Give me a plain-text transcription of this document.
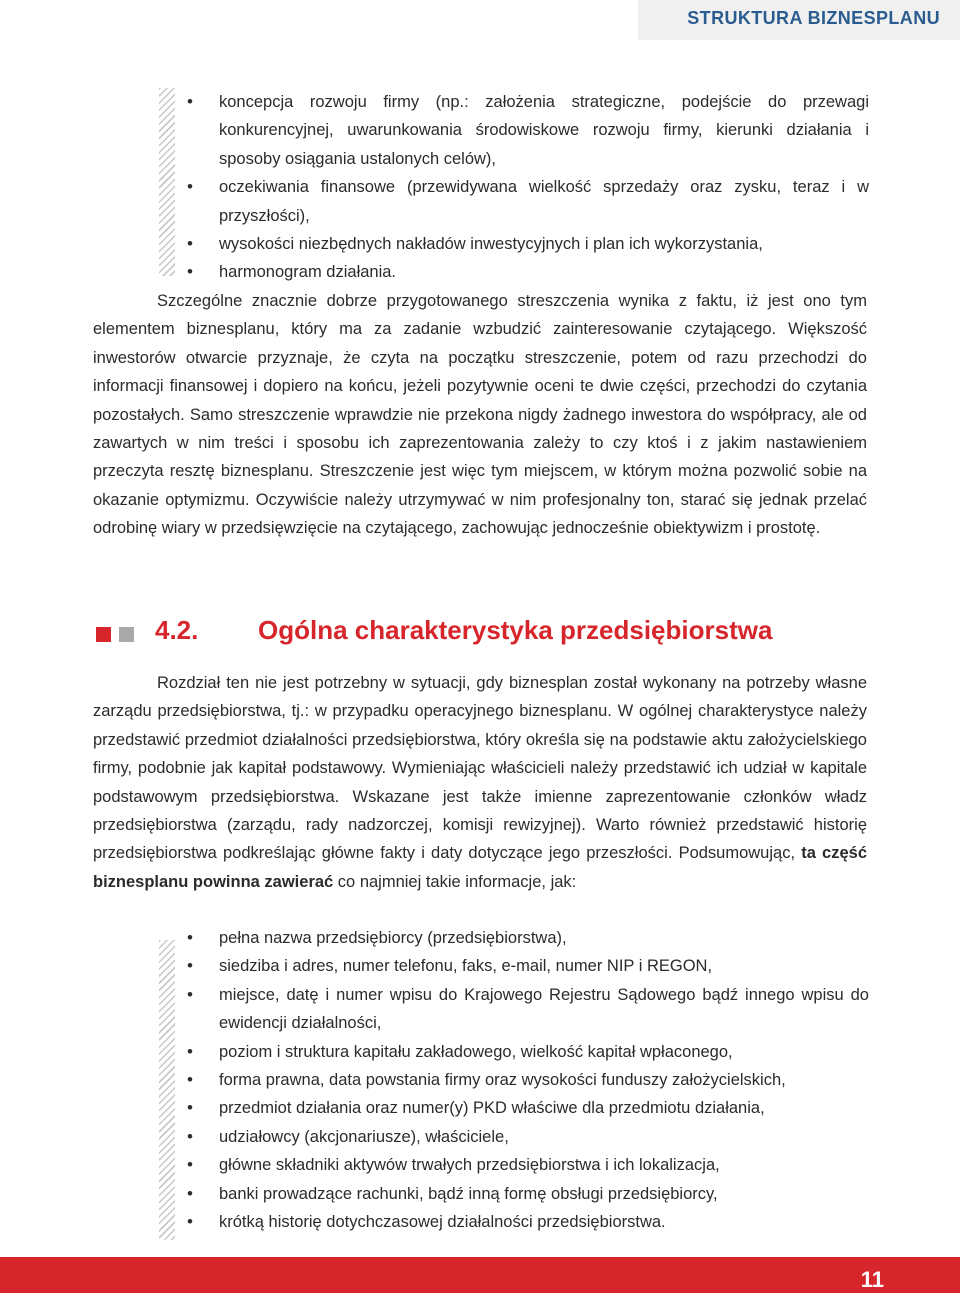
STRUKTURA BIZNESPLANU
• koncepcja rozwoju firmy (np.: założenia strategiczne, podejście do przewagi konkurencyjnej, uwarunkowania środowiskowe rozwoju firmy, kierunki działania i sposoby osiągania ustalonych celów),
• oczekiwania finansowe (przewidywana wielkość sprzedaży oraz zysku, teraz i w przyszłości),
• wysokości niezbędnych nakładów inwestycyjnych i plan ich wykorzystania,
• harmonogram działania.

Szczególne znacznie dobrze przygotowanego streszczenia wynika z faktu, iż jest ono tym elementem biznesplanu, który ma za zadanie wzbudzić zainteresowanie czytającego. Większość inwestorów otwarcie przyznaje, że czyta na początku streszczenie, potem od razu przechodzi do informacji finansowej i dopiero na końcu, jeżeli pozytywnie oceni te dwie części, przechodzi do czytania pozostałych. Samo streszczenie wprawdzie nie przekona nigdy żadnego inwestora do współpracy, ale od zawartych w nim treści i sposobu ich zaprezentowania zależy to czy ktoś i z jakim nastawieniem przeczyta resztę biznesplanu. Streszczenie jest więc tym miejscem, w którym można pozwolić sobie na okazanie optymizmu. Oczywiście należy utrzymywać w nim profesjonalny ton, starać się jednak przelać odrobinę wiary w przedsięwzięcie na czytającego, zachowując jednocześnie obiektywizm i prostotę.

4.2. Ogólna charakterystyka przedsiębiorstwa

Rozdział ten nie jest potrzebny w sytuacji, gdy biznesplan został wykonany na potrzeby własne zarządu przedsiębiorstwa, tj.: w przypadku operacyjnego biznesplanu. W ogólnej charakterystyce należy przedstawić przedmiot działalności przedsiębiorstwa, który określa się na podstawie aktu założycielskiego firmy, podobnie jak kapitał podstawowy. Wymieniając właścicieli należy przedstawić ich udział w kapitale podstawowym przedsiębiorstwa. Wskazane jest także imienne zaprezentowanie członków władz przedsiębiorstwa (zarządu, rady nadzorczej, komisji rewizyjnej). Warto również przedstawić historię przedsiębiorstwa podkreślając główne fakty i daty dotyczące jego przeszłości. Podsumowując, ta część biznesplanu powinna zawierać co najmniej takie informacje, jak:

• pełna nazwa przedsiębiorcy (przedsiębiorstwa),
• siedziba i adres, numer telefonu, faks, e-mail, numer NIP i REGON,
• miejsce, datę i numer wpisu do Krajowego Rejestru Sądowego bądź innego wpisu do ewidencji działalności,
• poziom i struktura kapitału zakładowego, wielkość kapitał wpłaconego,
• forma prawna, data powstania firmy oraz wysokości funduszy założycielskich,
• przedmiot działania oraz numer(y) PKD właściwe dla przedmiotu działania,
• udziałowcy (akcjonariusze), właściciele,
• główne składniki aktywów trwałych przedsiębiorstwa i ich lokalizacja,
• banki prowadzące rachunki, bądź inną formę obsługi przedsiębiorcy,
• krótką historię dotychczasowej działalności przedsiębiorstwa.
11
